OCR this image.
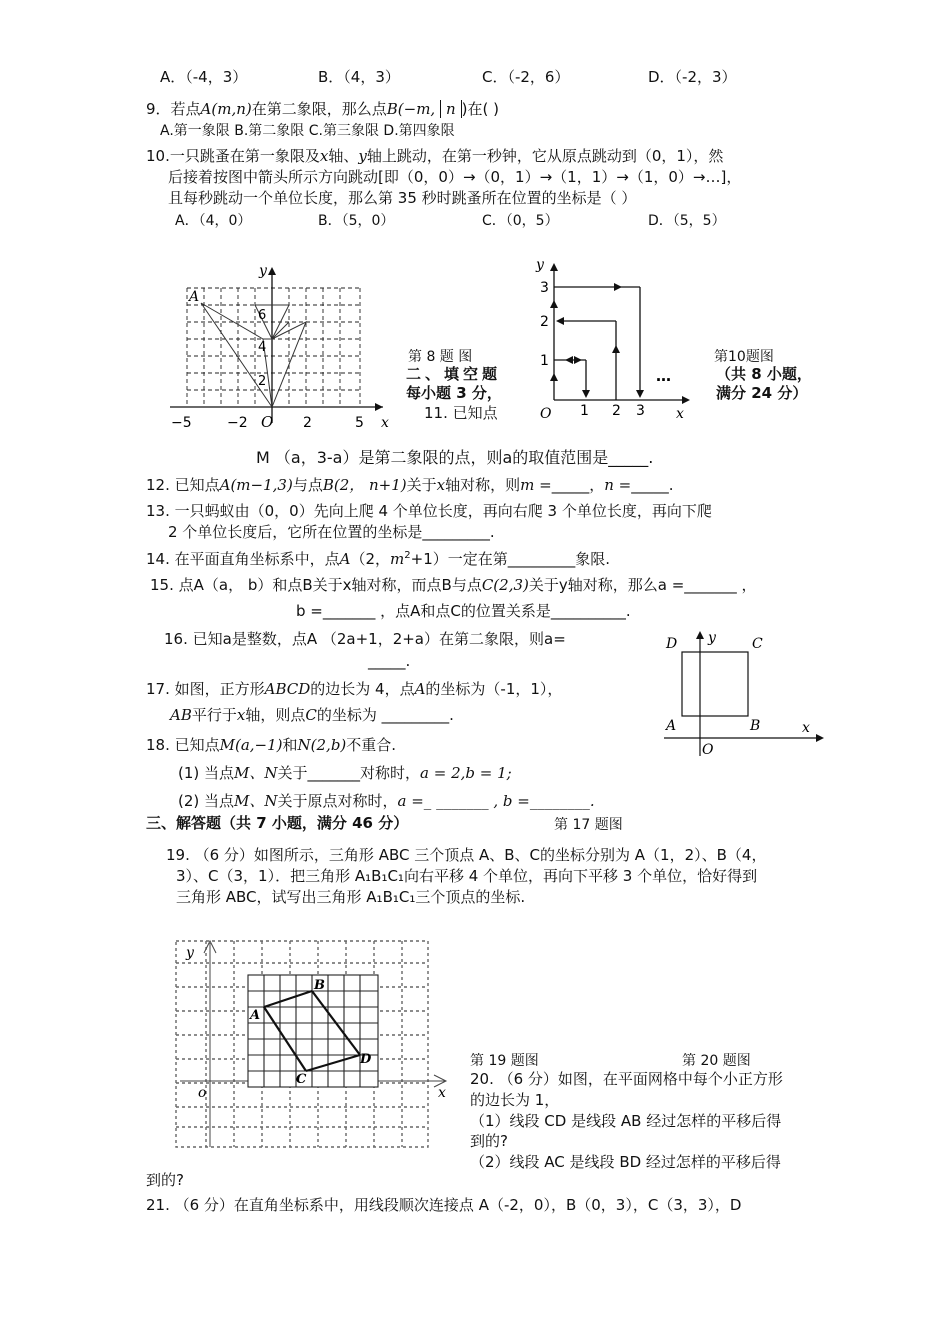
A．（-4，3）	B．（4，3）	C．（-2，6）	D．（-2，3）
9．若点A(m,n)在第二象限，那么点B(−m, n )在( )
A.第一象限 B.第二象限 C.第三象限 D.第四象限
10.一只跳蚤在第一象限及x轴、y轴上跳动，在第一秒钟，它从原点跳动到（0，1），然
后接着按图中箭头所示方向跳动[即（0，0）→（0，1）→（1，1）→（1，0）→…]，
且每秒跳动一个单位长度，那么第 35 秒时跳蚤所在位置的坐标是（ ）
A．（4，0）	B．（5，0）	C．（0，5）	D．（5，5）
y
x
A
O
6
4
2
−5	−2	2	5
y
x
O
1
2
3
1 2 3
…
第 8 题 图
二、填空题
每小题 3 分，
11. 已知点
第10题图
（共 8 小题，
满分 24 分）
M （a，3-a）是第二象限的点，则a的取值范围是_____.
12. 已知点A(m−1,3)与点B(2， n+1)关于x轴对称，则m =_____，n =_____.
13. 一只蚂蚁由（0，0）先向上爬 4 个单位长度，再向右爬 3 个单位长度，再向下爬
2 个单位长度后，它所在位置的坐标是_________.
14. 在平面直角坐标系中，点A（2，$m^2+1$）一定在第_________象限.
15. 点A（a， b）和点B关于x轴对称，而点B与点C(2,3)关于y轴对称，那么a =_______ ，
b =_______ ，点A和点C的位置关系是__________.
16. 已知a是整数，点A （2a+1，2+a）在第二象限，则a=
_____.
D	C
A	B
O
x
y
17. 如图，正方形ABCD的边长为 4，点A的坐标为（-1，1），
AB平行于x轴，则点C的坐标为 _________.
18. 已知点M(a,−1)和N(2,b)不重合.
(1) 当点M、N关于_______对称时，a = 2,b = 1;
(2) 当点M、N关于原点对称时，a =_ _______ , b =________.
三、解答题（共 7 小题，满分 46 分）	第 17 题图
19. （6 分）如图所示，三角形 ABC 三个顶点 A、B、C的坐标分别为 A（1，2）、B（4，
3）、C（3，1）．把三角形 A₁B₁C₁向右平移 4 个单位，再向下平移 3 个单位，恰好得到
三角形 ABC，试写出三角形 A₁B₁C₁三个顶点的坐标.
y
x
o
A
B
C
D	第 19 题图	第 20 题图
20. （6 分）如图，在平面网格中每个小正方形
的边长为 1，
（1）线段 CD 是线段 AB 经过怎样的平移后得
到的?
（2）线段 AC 是线段 BD 经过怎样的平移后得
到的?
21. （6 分）在直角坐标系中，用线段顺次连接点 A（-2，0），B（0，3），C（3，3），D
